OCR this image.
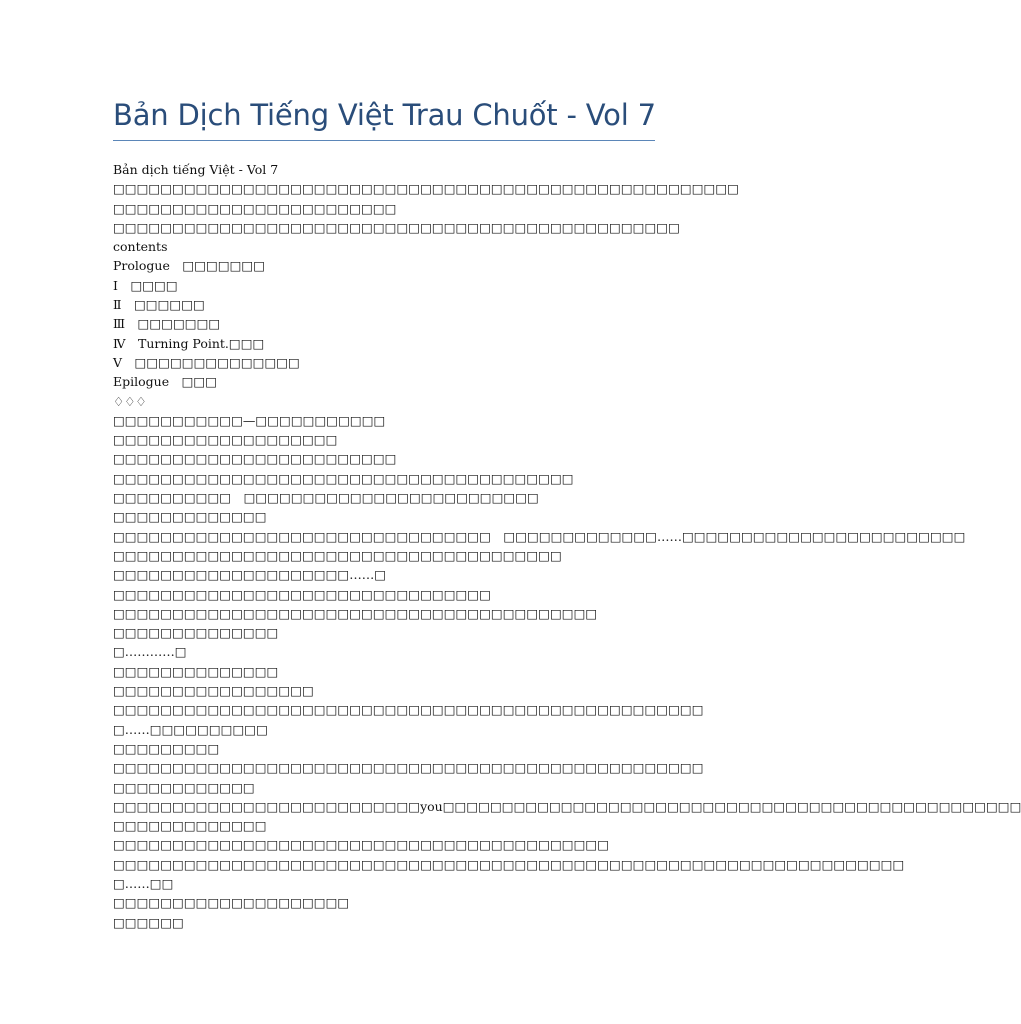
Bản Dịch Tiếng Việt Trau Chuốt - Vol 7
Bản dịch tiếng Việt - Vol 7
□□□□□□□□□□□□□□□□□□□□□□□□□□□□□□□□□□□□□□□□□□□□□□□□□□□□□
□□□□□□□□□□□□□□□□□□□□□□□□
□□□□□□□□□□□□□□□□□□□□□□□□□□□□□□□□□□□□□□□□□□□□□□□□
contents
Prologue　□□□□□□□
Ⅰ　□□□□
Ⅱ　□□□□□□
Ⅲ　□□□□□□□
Ⅳ　Turning Point.□□□
Ⅴ　□□□□□□□□□□□□□□
Epilogue　□□□
♢♢♢
□□□□□□□□□□□—□□□□□□□□□□□
□□□□□□□□□□□□□□□□□□□
□□□□□□□□□□□□□□□□□□□□□□□□
□□□□□□□□□□□□□□□□□□□□□□□□□□□□□□□□□□□□□□□
□□□□□□□□□□　□□□□□□□□□□□□□□□□□□□□□□□□□
□□□□□□□□□□□□□
□□□□□□□□□□□□□□□□□□□□□□□□□□□□□□□□　□□□□□□□□□□□□□……□□□□□□□□□□□□□□□□□□□□□□□□
□□□□□□□□□□□□□□□□□□□□□□□□□□□□□□□□□□□□□□
□□□□□□□□□□□□□□□□□□□□……□
□□□□□□□□□□□□□□□□□□□□□□□□□□□□□□□□
□□□□□□□□□□□□□□□□□□□□□□□□□□□□□□□□□□□□□□□□□
□□□□□□□□□□□□□□
□…………□
□□□□□□□□□□□□□□
□□□□□□□□□□□□□□□□□
□□□□□□□□□□□□□□□□□□□□□□□□□□□□□□□□□□□□□□□□□□□□□□□□□□
□……□□□□□□□□□□
□□□□□□□□□
□□□□□□□□□□□□□□□□□□□□□□□□□□□□□□□□□□□□□□□□□□□□□□□□□□
□□□□□□□□□□□□
□□□□□□□□□□□□□□□□□□□□□□□□□□you□□□□□□□□□□□□□□□□□□□□□□□□□□□□□□□□□□□□□□□□□□□□□□□□□
□□□□□□□□□□□□□
□□□□□□□□□□□□□□□□□□□□□□□□□□□□□□□□□□□□□□□□□□
□□□□□□□□□□□□□□□□□□□□□□□□□□□□□□□□□□□□□□□□□□□□□□□□□□□□□□□□□□□□□□□□□□□
□……□□
□□□□□□□□□□□□□□□□□□□□
□□□□□□
